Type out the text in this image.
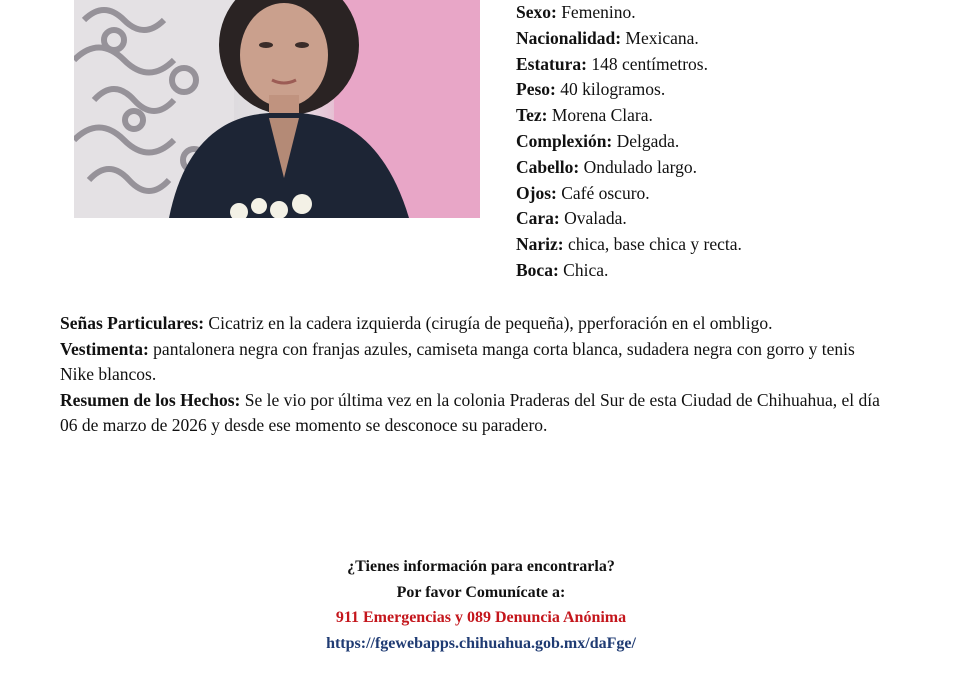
Sexo: Femenino.
Nacionalidad: Mexicana.
Estatura: 148 centímetros.
Peso: 40 kilogramos.
Tez: Morena Clara.
Complexión: Delgada.
Cabello: Ondulado largo.
Ojos: Café oscuro.
Cara: Ovalada.
Nariz: chica, base chica y recta.
Boca: Chica.

Señas Particulares: Cicatriz en la cadera izquierda (cirugía de pequeña), pperforación en el ombligo.

Vestimenta: pantalonera negra con franjas azules, camiseta manga corta blanca, sudadera negra con gorro y tenis Nike blancos.

Resumen de los Hechos: Se le vio por última vez en la colonia Praderas del Sur de esta Ciudad de Chihuahua, el día 06 de marzo de 2026 y desde ese momento se desconoce su paradero.

¿Tienes información para encontrarla?
Por favor Comunícate a:
911 Emergencias y 089 Denuncia Anónima
https://fgewebapps.chihuahua.gob.mx/daFge/
